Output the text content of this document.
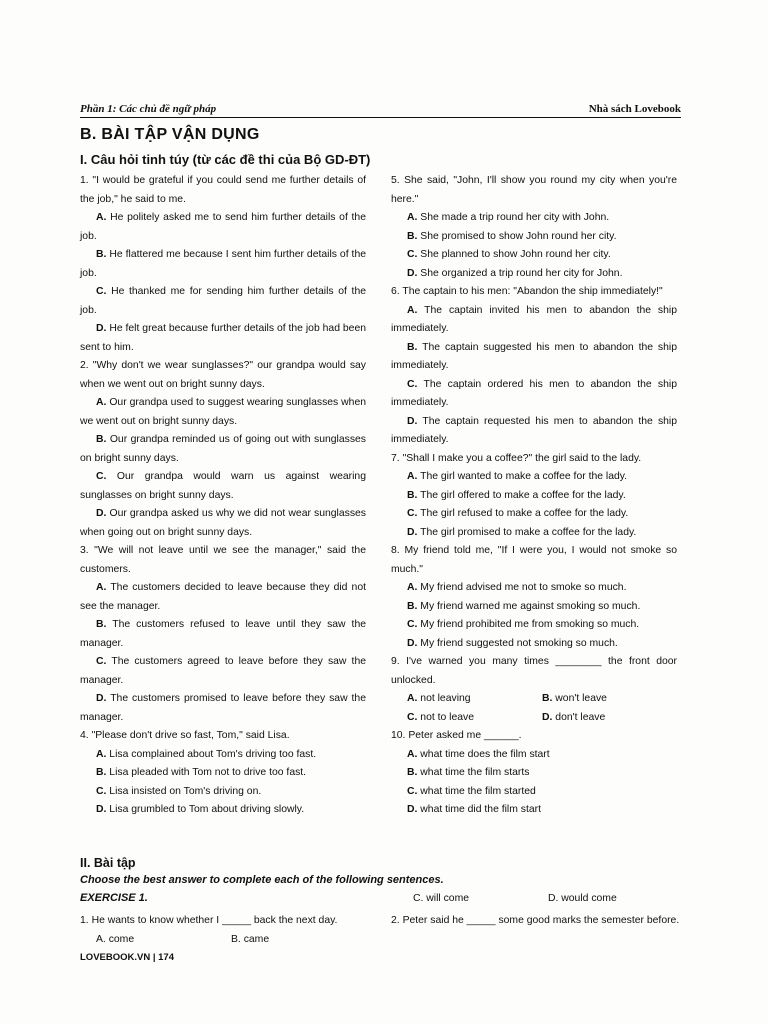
Phần 1: Các chủ đề ngữ pháp	Nhà sách Lovebook
B. BÀI TẬP VẬN DỤNG
I. Câu hỏi tinh túy (từ các đề thi của Bộ GD-ĐT)

1. "I would be grateful if you could send me further details of the job," he said to me.

A. He politely asked me to send him further details of the job.

B. He flattered me because I sent him further details of the job.

C. He thanked me for sending him further details of the job.

D. He felt great because further details of the job had been sent to him.

2. "Why don't we wear sunglasses?" our grandpa would say when we went out on bright sunny days.

A. Our grandpa used to suggest wearing sunglasses when we went out on bright sunny days.

B. Our grandpa reminded us of going out with sunglasses on bright sunny days.

C. Our grandpa would warn us against wearing sunglasses on bright sunny days.

D. Our grandpa asked us why we did not wear sunglasses when going out on bright sunny days.

3. "We will not leave until we see the manager," said the customers.

A. The customers decided to leave because they did not see the manager.

B. The customers refused to leave until they saw the manager.

C. The customers agreed to leave before they saw the manager.

D. The customers promised to leave before they saw the manager.

4. "Please don't drive so fast, Tom," said Lisa.

A. Lisa complained about Tom's driving too fast.

B. Lisa pleaded with Tom not to drive too fast.

C. Lisa insisted on Tom's driving on.

D. Lisa grumbled to Tom about driving slowly.

5. She said, "John, I'll show you round my city when you're here."

A. She made a trip round her city with John.

B. She promised to show John round her city.

C. She planned to show John round her city.

D. She organized a trip round her city for John.

6. The captain to his men: "Abandon the ship immediately!"

A. The captain invited his men to abandon the ship immediately.

B. The captain suggested his men to abandon the ship immediately.

C. The captain ordered his men to abandon the ship immediately.

D. The captain requested his men to abandon the ship immediately.

7. "Shall I make you a coffee?" the girl said to the lady.

A. The girl wanted to make a coffee for the lady.

B. The girl offered to make a coffee for the lady.

C. The girl refused to make a coffee for the lady.

D. The girl promised to make a coffee for the lady.

8. My friend told me, "If I were you, I would not smoke so much."

A. My friend advised me not to smoke so much.

B. My friend warned me against smoking so much.

C. My friend prohibited me from smoking so much.

D. My friend suggested not smoking so much.

9. I've warned you many times ________ the front door unlocked.

A. not leaving	B. won't leave
C. not to leave	D. don't leave

10. Peter asked me ______.

A. what time does the film start

B. what time the film starts

C. what time the film started

D. what time did the film start

II. Bài tập
Choose the best answer to complete each of the following sentences.
EXERCISE 1.	C. will come	D. would come
1. He wants to know whether I _____ back the next day.
A. come	B. came
2. Peter said he _____ some good marks the semester before.
LOVEBOOK.VN | 174
